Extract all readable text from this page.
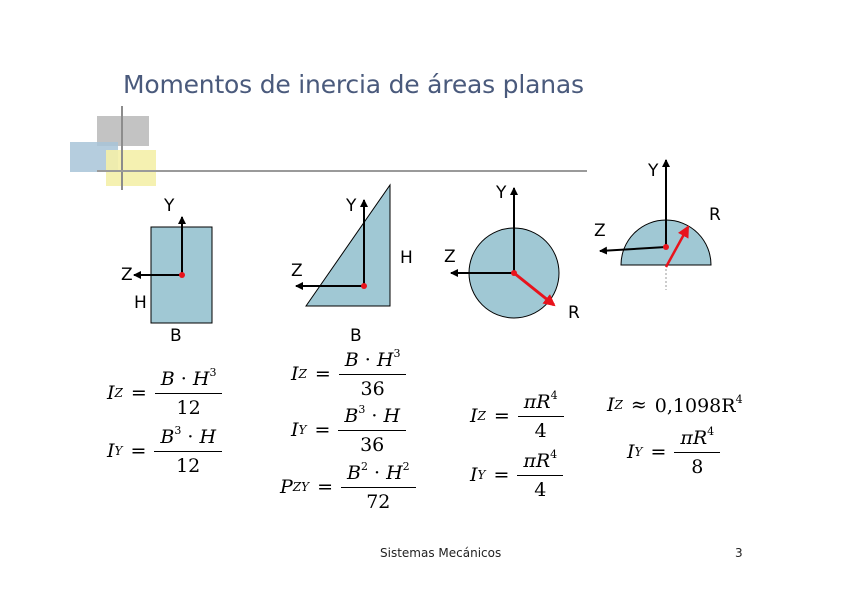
Momentos de inercia de áreas planas
Y
Z
H
B
Y
Z
H
B
Y
Z
R
Y
Z
R
I $Z = \frac{B \cdot H^3}{12}$
I $Y = \frac{B^3 \cdot H}{12}$
I $Z = \frac{B \cdot H^3}{36}$
I $Y = \frac{B^3 \cdot H}{36}$
P ZY = $\frac{B^2 \cdot H^2}{72}$
I $Z = \frac{\pi R^4}{4}$
I $Y = \frac{\pi R^4}{4}$
I $Z \approx 0,1098R^4$
I $Y = \frac{\pi R^4}{8}$
Sistemas Mecánicos	3
